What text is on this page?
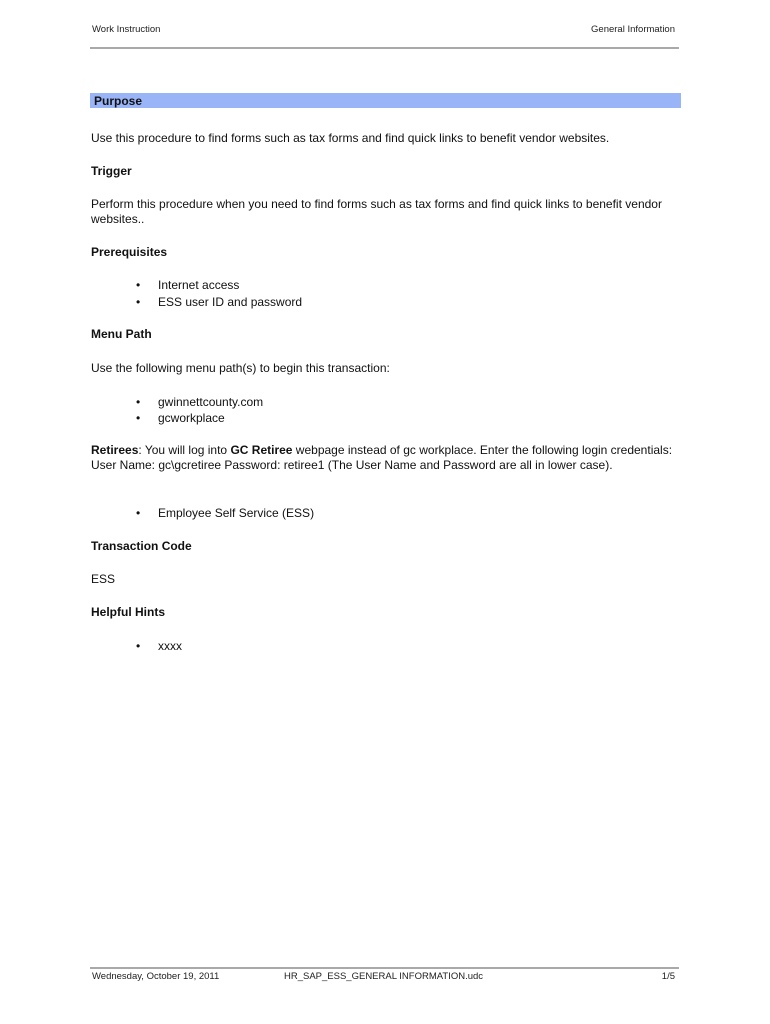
Work Instruction	General Information
Purpose
Use this procedure to find forms such as tax forms and find quick links to benefit vendor websites.
Trigger
Perform this procedure when you need to find forms such as tax forms and find quick links to benefit vendor websites..
Prerequisites
• Internet access
• ESS user ID and password
Menu Path
Use the following menu path(s) to begin this transaction:
• gwinnettcounty.com
• gcworkplace
Retirees: You will log into GC Retiree webpage instead of gc workplace. Enter the following login credentials: User Name: gc\gcretiree Password: retiree1 (The User Name and Password are all in lower case).
• Employee Self Service (ESS)
Transaction Code
ESS
Helpful Hints
• xxxx
Wednesday, October 19, 2011	HR_SAP_ESS_GENERAL INFORMATION.udc	1/5
